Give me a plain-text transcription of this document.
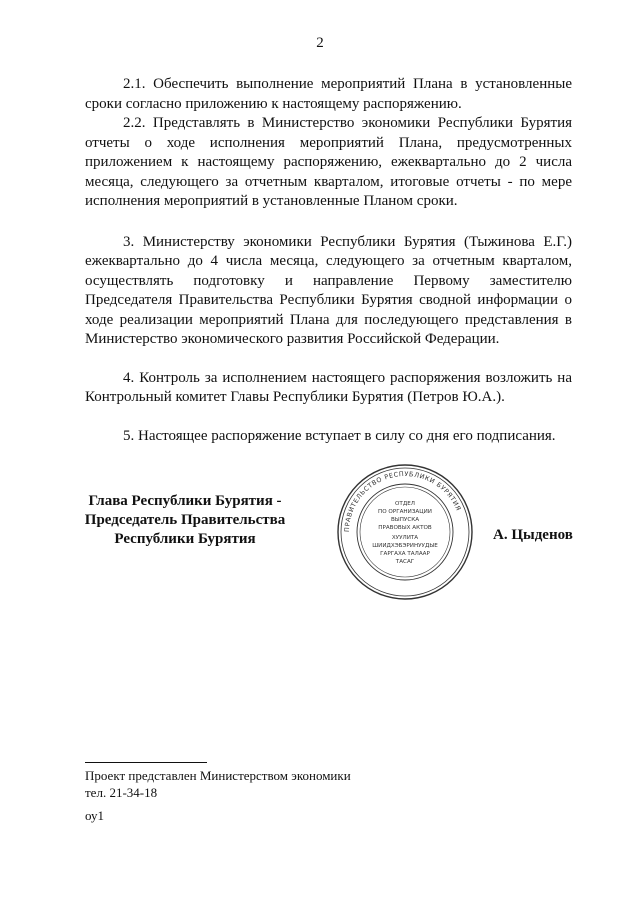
2

2.1. Обеспечить выполнение мероприятий Плана в установленные сроки согласно приложению к настоящему распоряжению.

2.2. Представлять в Министерство экономики Республики Бурятия отчеты о ходе исполнения мероприятий Плана, предусмотренных приложением к настоящему распоряжению, ежеквартально до 2 числа месяца, следующего за отчетным кварталом, итоговые отчеты - по мере исполнения мероприятий в установленные Планом сроки.

3. Министерству экономики Республики Бурятия (Тыжинова Е.Г.) ежеквартально до 4 числа месяца, следующего за отчетным кварталом, осуществлять подготовку и направление Первому заместителю Председателя Правительства Республики Бурятия сводной информации о ходе реализации мероприятий Плана для последующего представления в Министерство экономического развития Российской Федерации.

4. Контроль за исполнением настоящего распоряжения возложить на Контрольный комитет Главы Республики Бурятия (Петров Ю.А.).

5. Настоящее распоряжение вступает в силу со дня его подписания.

Глава Республики Бурятия -
Председатель Правительства
Республики Бурятия
ПРАВИТЕЛЬСТВО РЕСПУБЛИКИ БУРЯТИЯ
ОТДЕЛ
ПО ОРГАНИЗАЦИИ
ВЫПУСКА
ПРАВОВЫХ АКТОВ
ХУУЛИТА
ШИИДХЭБЭРИНУУДЫЕ
ГАРГАХА ТАЛААР
ТАСАГ
А. Цыденов
Проект представлен Министерством экономики
тел. 21-34-18
оу1
